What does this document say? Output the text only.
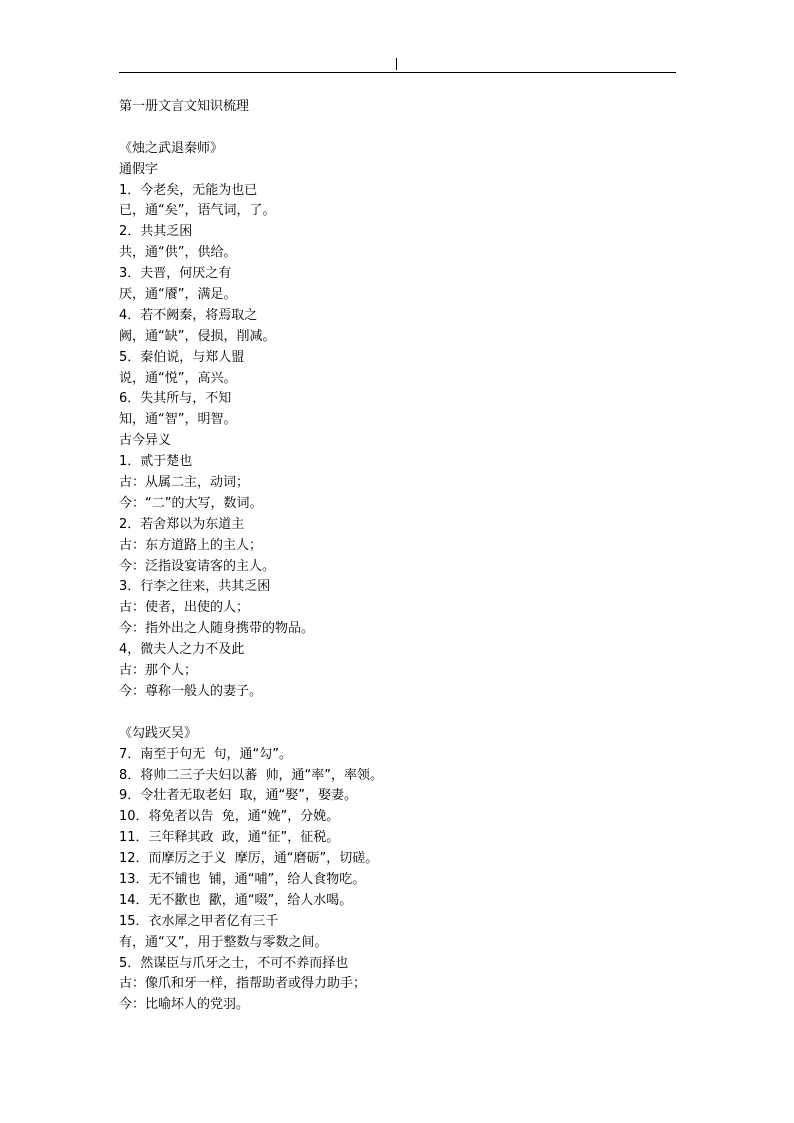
第一册文言文知识梳理
《烛之武退秦师》
通假字
1．今老矣，无能为也已
已，通“矣”，语气词，了。
2．共其乏困
共，通“供”，供给。
3．夫晋，何厌之有
厌，通“餍”，满足。
4．若不阙秦，将焉取之
阙，通“缺”，侵损，削减。
5．秦伯说，与郑人盟
说，通“悦”，高兴。
6．失其所与，不知
知，通“智”，明智。
古今异义
1．贰于楚也
古：从属二主，动词；
今：“二”的大写，数词。
2．若舍郑以为东道主
古：东方道路上的主人；
今：泛指设宴请客的主人。
3．行李之往来，共其乏困
古：使者，出使的人；
今：指外出之人随身携带的物品。
4，微夫人之力不及此
古：那个人；
今：尊称一般人的妻子。
《勾践灭吴》
7．南至于句无  句，通“勾”。
8．将帅二三子夫妇以蕃  帅，通“率”，率领。
9．令壮者无取老妇  取，通“娶”，娶妻。
10．将免者以告  免，通“娩”，分娩。
11．三年释其政  政，通“征”，征税。
12．而摩厉之于义  摩厉，通“磨砺”，切磋。
13．无不铺也  铺，通“哺”，给人食物吃。
14．无不歠也  歠，通“啜”，给人水喝。
15．衣水犀之甲者亿有三千
有，通“又”，用于整数与零数之间。
5．然谋臣与爪牙之士，不可不养而择也
古：像爪和牙一样，指帮助者或得力助手；
今：比喻坏人的党羽。
